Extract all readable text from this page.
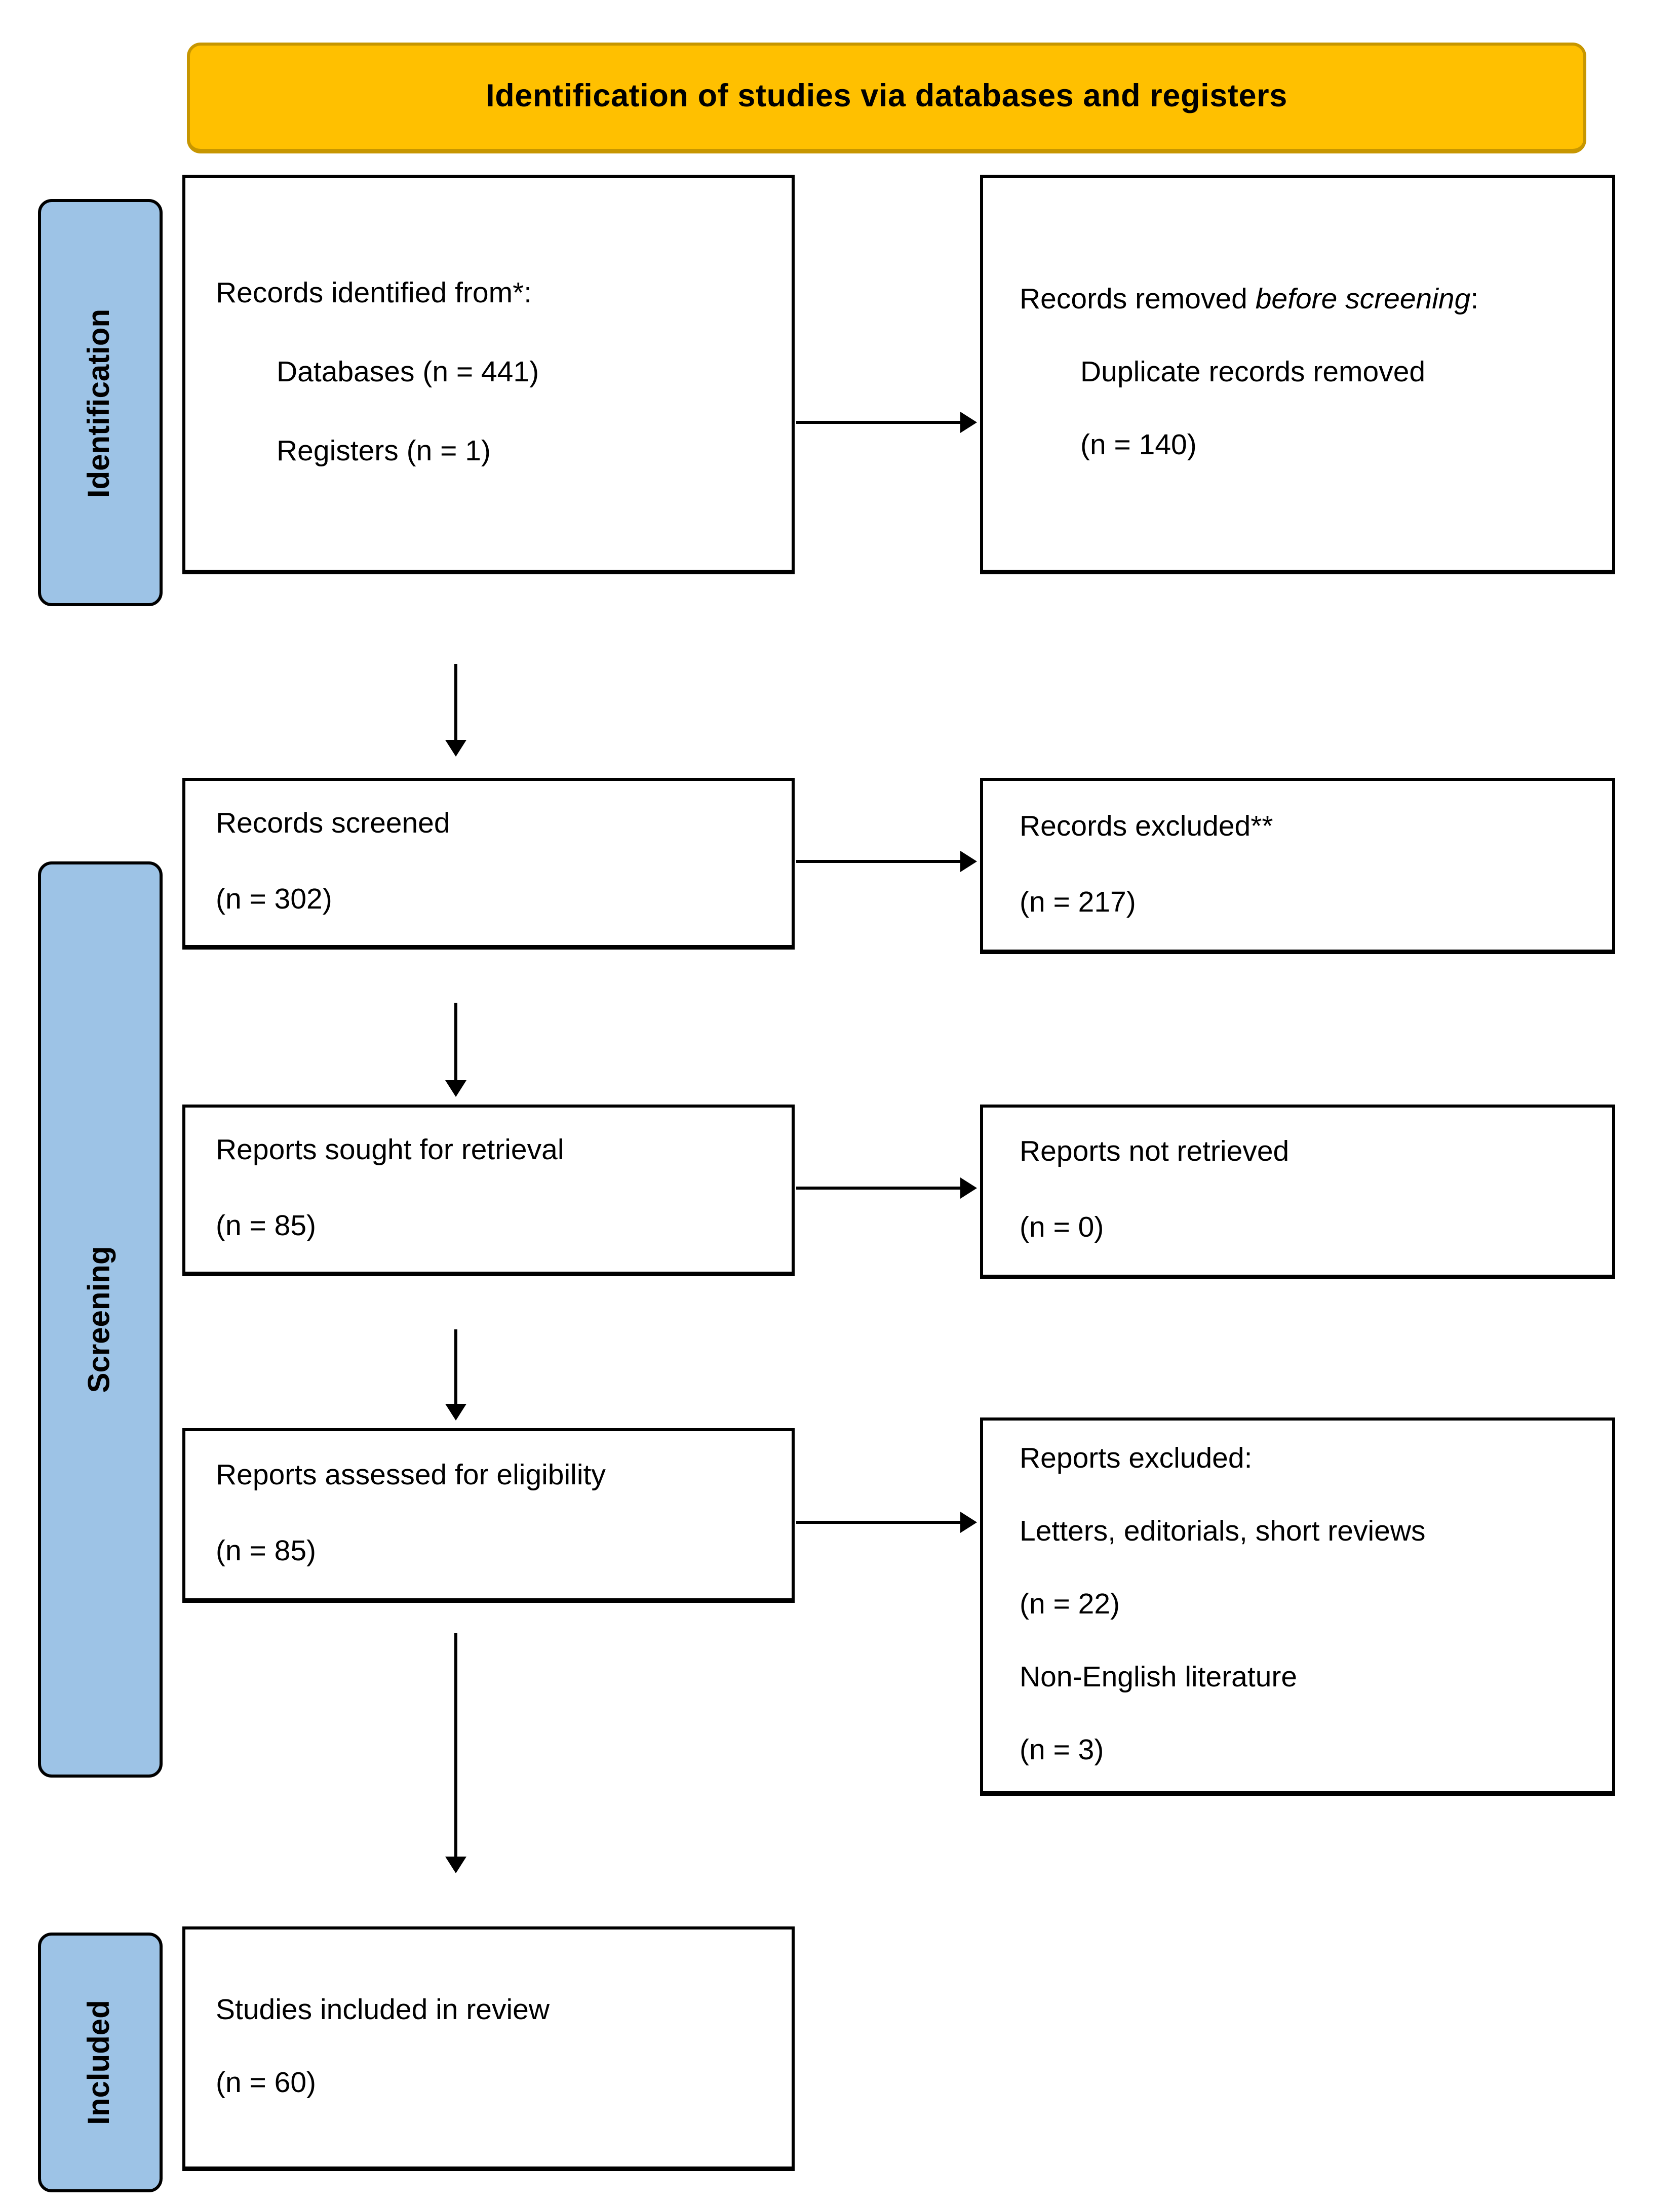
Identification of studies via databases and registers
Identification
Screening
Included
Records identified from*:
Databases (n = 441)
Registers (n = 1)
Records removed before screening:
Duplicate records removed
(n = 140)
Records screened
(n = 302)
Records excluded**
(n = 217)
Reports sought for retrieval
(n = 85)
Reports not retrieved
(n = 0)
Reports assessed for eligibility
(n = 85)
Reports excluded:
Letters, editorials, short reviews
(n = 22)
Non-English literature
(n = 3)
Studies included in review
(n = 60)
